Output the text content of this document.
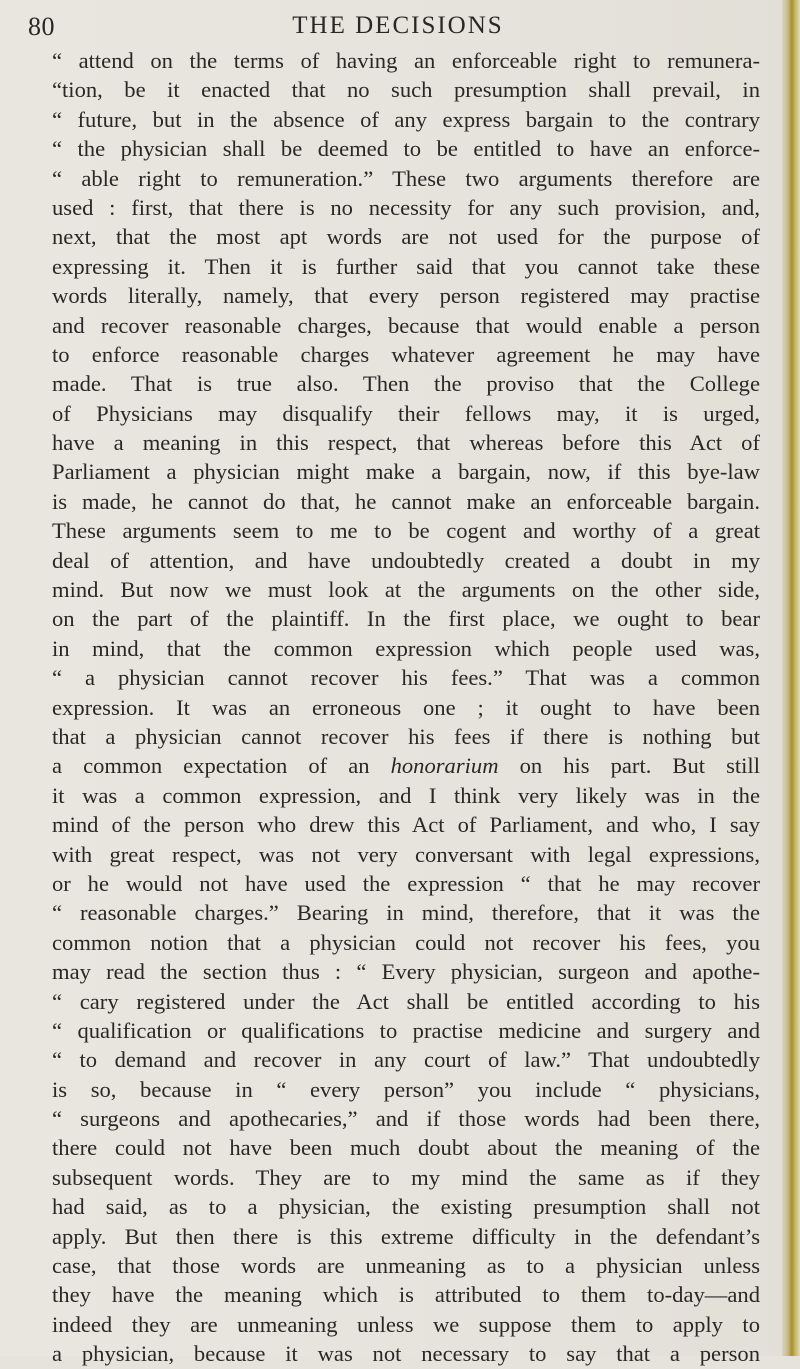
80	THE DECISIONS
“ attend on the terms of having an enforceable right to remunera-
“tion, be it enacted that no such presumption shall prevail, in
“ future, but in the absence of any express bargain to the contrary
“ the physician shall be deemed to be entitled to have an enforce-
“ able right to remuneration.” These two arguments therefore are
used : first, that there is no necessity for any such provision, and,
next, that the most apt words are not used for the purpose of
expressing it. Then it is further said that you cannot take these
words literally, namely, that every person registered may practise
and recover reasonable charges, because that would enable a person
to enforce reasonable charges whatever agreement he may have
made. That is true also. Then the proviso that the College
of Physicians may disqualify their fellows may, it is urged,
have a meaning in this respect, that whereas before this Act of
Parliament a physician might make a bargain, now, if this bye-law
is made, he cannot do that, he cannot make an enforceable bargain.
These arguments seem to me to be cogent and worthy of a great
deal of attention, and have undoubtedly created a doubt in my
mind. But now we must look at the arguments on the other side,
on the part of the plaintiff. In the first place, we ought to bear
in mind, that the common expression which people used was,
“ a physician cannot recover his fees.” That was a common
expression. It was an erroneous one ; it ought to have been
that a physician cannot recover his fees if there is nothing but
a common expectation of an honorarium on his part. But still
it was a common expression, and I think very likely was in the
mind of the person who drew this Act of Parliament, and who, I say
with great respect, was not very conversant with legal expressions,
or he would not have used the expression “ that he may recover
“ reasonable charges.” Bearing in mind, therefore, that it was the
common notion that a physician could not recover his fees, you
may read the section thus : “ Every physician, surgeon and apothe-
“ cary registered under the Act shall be entitled according to his
“ qualification or qualifications to practise medicine and surgery and
“ to demand and recover in any court of law.” That undoubtedly
is so, because in “ every person” you include “ physicians,
“ surgeons and apothecaries,” and if those words had been there,
there could not have been much doubt about the meaning of the
subsequent words. They are to my mind the same as if they
had said, as to a physician, the existing presumption shall not
apply. But then there is this extreme difficulty in the defendant’s
case, that those words are unmeaning as to a physician unless
they have the meaning which is attributed to them to-day—and
indeed they are unmeaning unless we suppose them to apply to
a physician, because it was not necessary to say that a person
